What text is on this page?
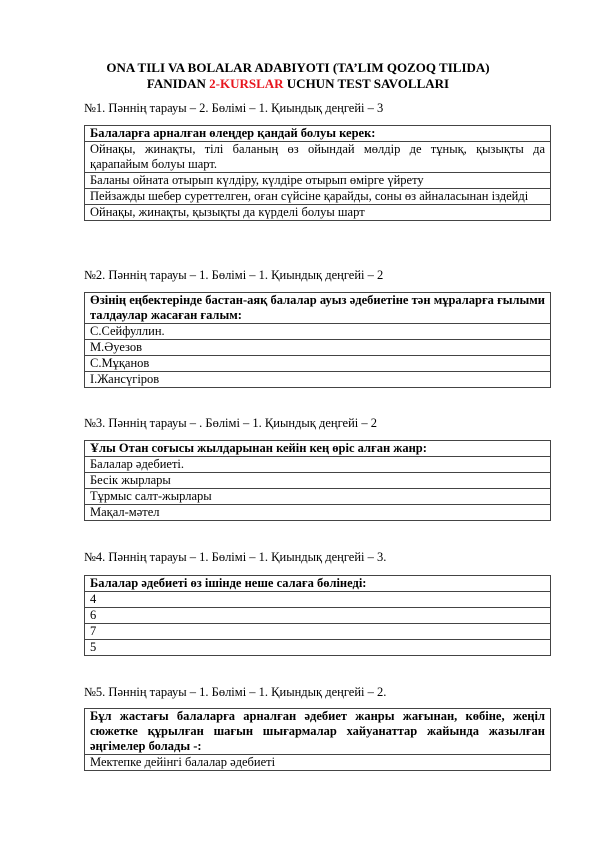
ONA TILI VA BOLALAR ADABIYOTI (TA’LIM QOZOQ TILIDA)
FANIDAN 2-KURSLAR UCHUN TEST SAVOLLARI
№1. Пәннің тарауы – 2. Бөлімі – 1. Қиындық деңгейі – 3
Балаларға арналған өлеңдер қандай болуы керек:
Ойнақы, жинақты, тілі баланың өз ойындай мөлдір де тұнық, қызықты да қарапайым болуы шарт.
Баланы ойната отырып күлдіру, күлдіре отырып өмірге үйрету
Пейзажды шебер суреттелген, оған сүйсіне қарайды, соны өз айналасынан іздейді
Ойнақы, жинақты, қызықты да күрделі болуы шарт
№2. Пәннің тарауы – 1. Бөлімі – 1. Қиындық деңгейі – 2
Өзінің еңбектерінде бастан-аяқ балалар ауыз әдебиетіне тән мұраларға ғылыми талдаулар жасаған ғалым:
С.Сейфуллин.
М.Әуезов
С.Мұқанов
І.Жансүгіров
№3. Пәннің тарауы – . Бөлімі – 1. Қиындық деңгейі – 2
Ұлы Отан соғысы жылдарынан кейін кең өріс алған жанр:
Балалар әдебиеті.
Бесік жырлары
Тұрмыс салт-жырлары
Мақал-мәтел
№4. Пәннің тарауы – 1. Бөлімі – 1. Қиындық деңгейі – 3.
Балалар әдебиеті өз ішінде неше салаға бөлінеді:
4
6
7
5
№5. Пәннің тарауы – 1. Бөлімі – 1. Қиындық деңгейі – 2.
Бұл жастағы балаларға арналған әдебиет жанры жағынан, көбіне, жеңіл сюжетке құрылған шағын шығармалар хайуанаттар жайында жазылған әңгімелер болады -:
Мектепке дейінгі балалар әдебиеті
